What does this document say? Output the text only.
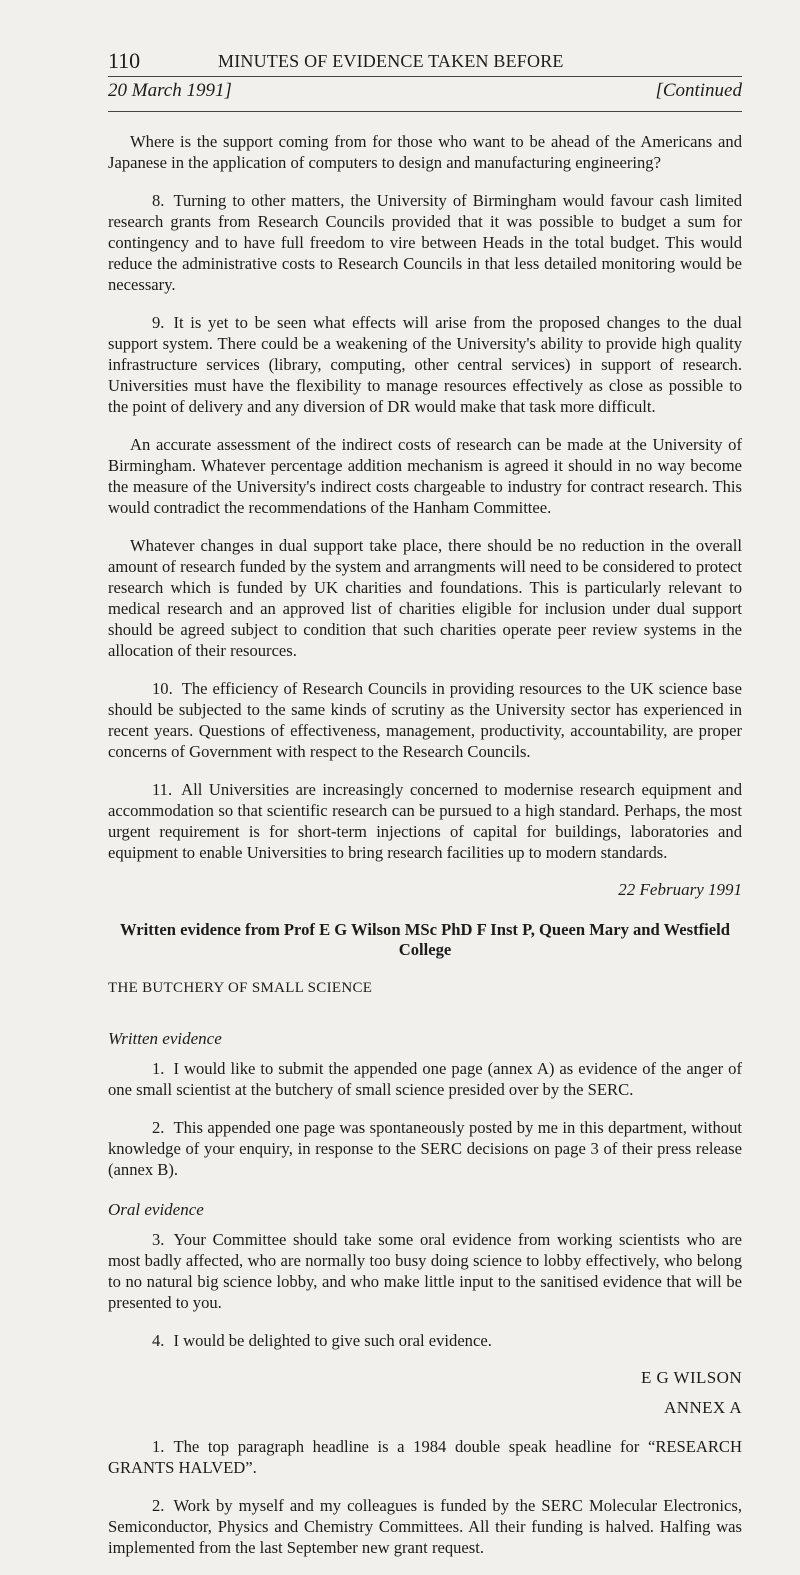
110	MINUTES OF EVIDENCE TAKEN BEFORE
20 March 1991]	[Continued

Where is the support coming from for those who want to be ahead of the Americans and Japanese in the application of computers to design and manufacturing engineering?

8. Turning to other matters, the University of Birmingham would favour cash limited research grants from Research Councils provided that it was possible to budget a sum for contingency and to have full freedom to vire between Heads in the total budget. This would reduce the administrative costs to Research Councils in that less detailed monitoring would be necessary.

9. It is yet to be seen what effects will arise from the proposed changes to the dual support system. There could be a weakening of the University's ability to provide high quality infrastructure services (library, computing, other central services) in support of research. Universities must have the flexibility to manage resources effectively as close as possible to the point of delivery and any diversion of DR would make that task more difficult.

An accurate assessment of the indirect costs of research can be made at the University of Birmingham. Whatever percentage addition mechanism is agreed it should in no way become the measure of the University's indirect costs chargeable to industry for contract research. This would contradict the recommendations of the Hanham Committee.

Whatever changes in dual support take place, there should be no reduction in the overall amount of research funded by the system and arrangments will need to be considered to protect research which is funded by UK charities and foundations. This is particularly relevant to medical research and an approved list of charities eligible for inclusion under dual support should be agreed subject to condition that such charities operate peer review systems in the allocation of their resources.

10. The efficiency of Research Councils in providing resources to the UK science base should be subjected to the same kinds of scrutiny as the University sector has experienced in recent years. Questions of effectiveness, management, productivity, accountability, are proper concerns of Government with respect to the Research Councils.

11. All Universities are increasingly concerned to modernise research equipment and accommodation so that scientific research can be pursued to a high standard. Perhaps, the most urgent requirement is for short-term injections of capital for buildings, laboratories and equipment to enable Universities to bring research facilities up to modern standards.

22 February 1991
Written evidence from Prof E G Wilson MSc PhD F Inst P, Queen Mary and Westfield College
THE BUTCHERY OF SMALL SCIENCE
Written evidence

1. I would like to submit the appended one page (annex A) as evidence of the anger of one small scientist at the butchery of small science presided over by the SERC.

2. This appended one page was spontaneously posted by me in this department, without knowledge of your enquiry, in response to the SERC decisions on page 3 of their press release (annex B).

Oral evidence

3. Your Committee should take some oral evidence from working scientists who are most badly affected, who are normally too busy doing science to lobby effectively, who belong to no natural big science lobby, and who make little input to the sanitised evidence that will be presented to you.

4. I would be delighted to give such oral evidence.

E G WILSON
ANNEX A

1. The top paragraph headline is a 1984 double speak headline for “RESEARCH GRANTS HALVED”.

2. Work by myself and my colleagues is funded by the SERC Molecular Electronics, Semiconductor, Physics and Chemistry Committees. All their funding is halved. Halfing was implemented from the last September new grant request.
